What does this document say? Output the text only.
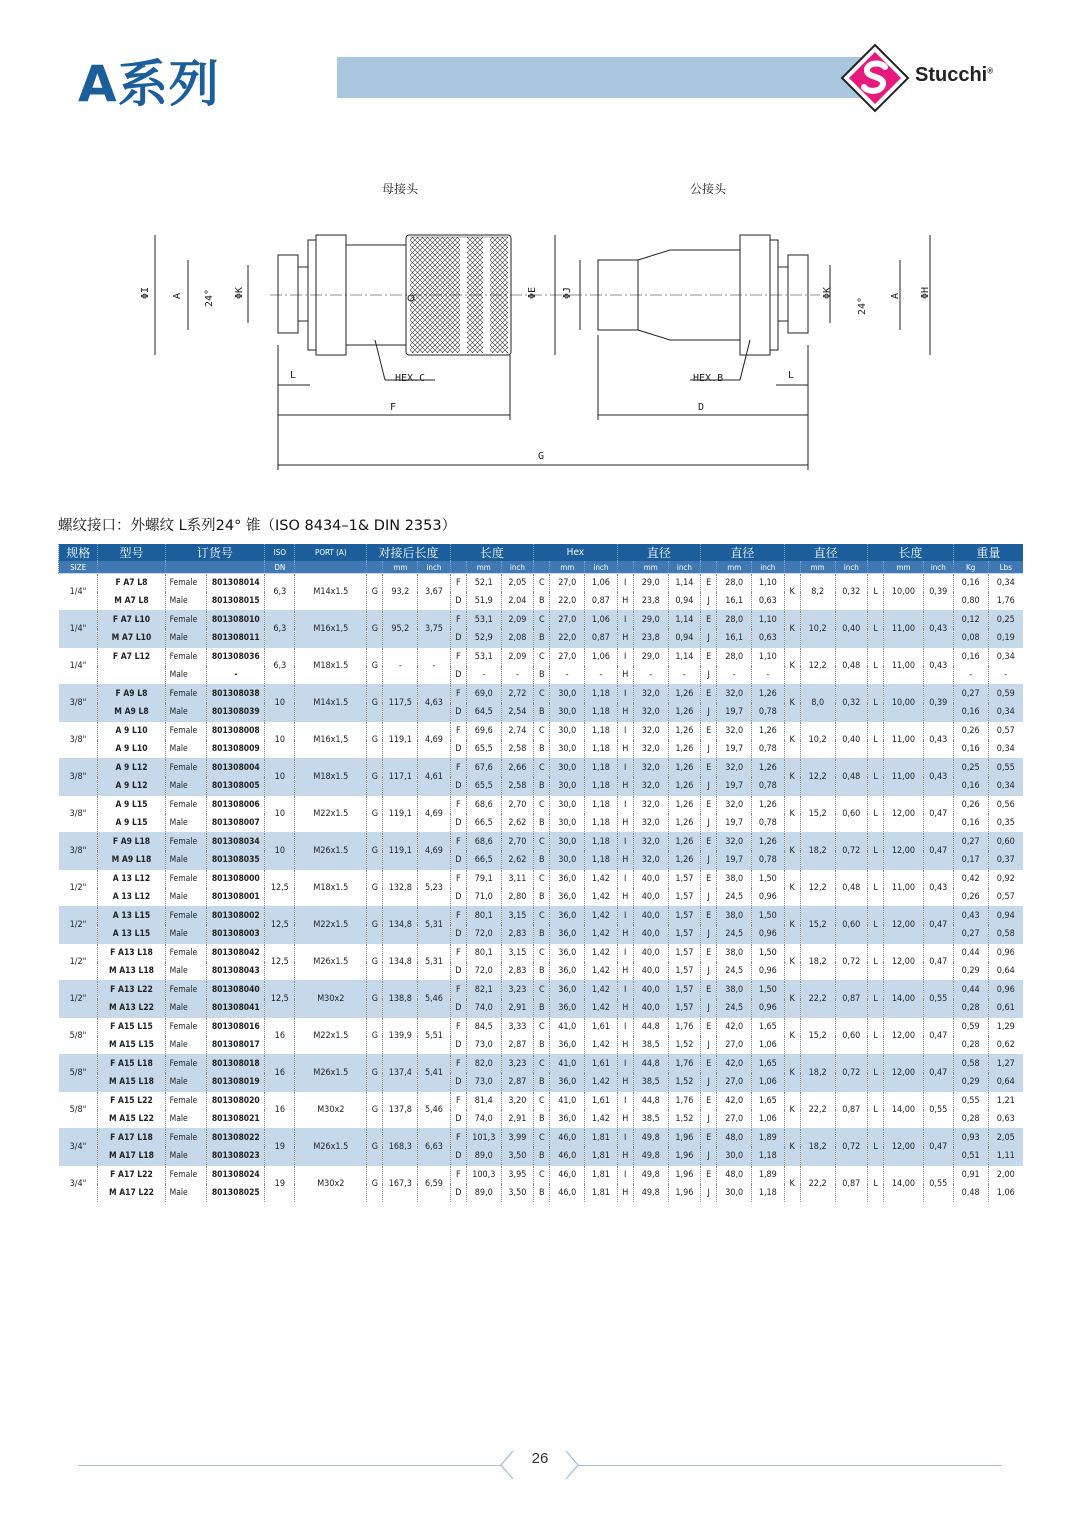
A系列	Stucchi®
母接头	公接头
ΦI A 24° ΦK	ΦE ΦJ	ΦK
24°
A ΦH
L	HEX.C	HEX.B	L
F	D
G
螺纹接口：外螺纹 L系列24° 锥（ISO 8434–1& DIN 2353）
规格	型号	订货号		ISO	PORT (A)	对接后长度			长度			Hex			直径			直径			直径			长度			重量	
SIZE				DN			mm	inch		mm	inch		mm	inch		mm	inch		mm	inch		mm	inch		mm	inch	Kg	Lbs
1/4"	F A7 L8	Female	801308014	6,3	M14x1.5	G	93,2	3,67	F	52,1	2,05	C	27,0	1,06	I	29,0	1,14	E	28,0	1,10	K	8,2	0,32	L	10,00	0,39	0,16	0,34
	M A7 L8	Male	801308015						D	51,9	2,04	B	22,0	0,87	H	23,8	0,94	J	16,1	0,63							0,80	1,76
1/4"	F A7 L10	Female	801308010	6,3	M16x1,5	G	95,2	3,75	F	53,1	2,09	C	27,0	1,06	I	29,0	1,14	E	28,0	1,10	K	10,2	0,40	L	11,00	0,43	0,12	0,25
	M A7 L10	Male	801308011						D	52,9	2,08	B	22,0	0,87	H	23,8	0,94	J	16,1	0,63							0,08	0,19
1/4"	F A7 L12	Female	801308036	6,3	M18x1.5	G	-	-	F	53,1	2,09	C	27,0	1,06	I	29,0	1,14	E	28,0	1,10	K	12,2	0,48	L	11,00	0,43	0,16	0,34
		Male	-						D	-	-	B	-	-	H	-	-	J	-	-							-	-
3/8"	F A9 L8	Female	801308038	10	M14x1.5	G	117,5	4,63	F	69,0	2,72	C	30,0	1,18	I	32,0	1,26	E	32,0	1,26	K	8,0	0,32	L	10,00	0,39	0,27	0,59
	M A9 L8	Male	801308039						D	64,5	2,54	B	30,0	1,18	H	32,0	1,26	J	19,7	0,78							0,16	0,34
3/8"	A 9 L10	Female	801308008	10	M16x1,5	G	119,1	4,69	F	69,6	2,74	C	30,0	1,18	I	32,0	1,26	E	32,0	1,26	K	10,2	0,40	L	11,00	0,43	0,26	0,57
	A 9 L10	Male	801308009						D	65,5	2,58	B	30,0	1,18	H	32,0	1,26	J	19,7	0,78							0,16	0,34
3/8"	A 9 L12	Female	801308004	10	M18x1.5	G	117,1	4,61	F	67,6	2,66	C	30,0	1,18	I	32,0	1,26	E	32,0	1,26	K	12,2	0,48	L	11,00	0,43	0,25	0,55
	A 9 L12	Male	801308005						D	65,5	2,58	B	30,0	1,18	H	32,0	1,26	J	19,7	0,78							0,16	0,34
3/8"	A 9 L15	Female	801308006	10	M22x1.5	G	119,1	4,69	F	68,6	2,70	C	30,0	1,18	I	32,0	1,26	E	32,0	1,26	K	15,2	0,60	L	12,00	0,47	0,26	0,56
	A 9 L15	Male	801308007						D	66,5	2,62	B	30,0	1,18	H	32,0	1,26	J	19,7	0,78							0,16	0,35
3/8"	F A9 L18	Female	801308034	10	M26x1.5	G	119,1	4,69	F	68,6	2,70	C	30,0	1,18	I	32,0	1,26	E	32,0	1,26	K	18,2	0,72	L	12,00	0,47	0,27	0,60
	M A9 L18	Male	801308035						D	66,5	2,62	B	30,0	1,18	H	32,0	1,26	J	19,7	0,78							0,17	0,37
1/2"	A 13 L12	Female	801308000	12,5	M18x1.5	G	132,8	5,23	F	79,1	3,11	C	36,0	1,42	I	40,0	1,57	E	38,0	1,50	K	12,2	0,48	L	11,00	0,43	0,42	0,92
	A 13 L12	Male	801308001						D	71,0	2,80	B	36,0	1,42	H	40,0	1,57	J	24,5	0,96							0,26	0,57
1/2"	A 13 L15	Female	801308002	12,5	M22x1.5	G	134,8	5,31	F	80,1	3,15	C	36,0	1,42	I	40,0	1,57	E	38,0	1,50	K	15,2	0,60	L	12,00	0,47	0,43	0,94
	A 13 L15	Male	801308003						D	72,0	2,83	B	36,0	1,42	H	40,0	1,57	J	24,5	0,96							0,27	0,58
1/2"	F A13 L18	Female	801308042	12,5	M26x1.5	G	134,8	5,31	F	80,1	3,15	C	36,0	1,42	I	40,0	1,57	E	38,0	1,50	K	18,2	0,72	L	12,00	0,47	0,44	0,96
	M A13 L18	Male	801308043						D	72,0	2,83	B	36,0	1,42	H	40,0	1,57	J	24,5	0,96							0,29	0,64
1/2"	F A13 L22	Female	801308040	12,5	M30x2	G	138,8	5,46	F	82,1	3,23	C	36,0	1,42	I	40,0	1,57	E	38,0	1,50	K	22,2	0,87	L	14,00	0,55	0,44	0,96
	M A13 L22	Male	801308041						D	74,0	2,91	B	36,0	1,42	H	40,0	1,57	J	24,5	0,96							0,28	0,61
5/8"	F A15 L15	Female	801308016	16	M22x1.5	G	139,9	5,51	F	84,5	3,33	C	41,0	1,61	I	44,8	1,76	E	42,0	1,65	K	15,2	0,60	L	12,00	0,47	0,59	1,29
	M A15 L15	Male	801308017						D	73,0	2,87	B	36,0	1,42	H	38,5	1,52	J	27,0	1,06							0,28	0,62
5/8"	F A15 L18	Female	801308018	16	M26x1.5	G	137,4	5,41	F	82,0	3,23	C	41,0	1,61	I	44,8	1,76	E	42,0	1,65	K	18,2	0,72	L	12,00	0,47	0,58	1,27
	M A15 L18	Male	801308019						D	73,0	2,87	B	36,0	1,42	H	38,5	1,52	J	27,0	1,06							0,29	0,64
5/8"	F A15 L22	Female	801308020	16	M30x2	G	137,8	5,46	F	81,4	3,20	C	41,0	1,61	I	44,8	1,76	E	42,0	1,65	K	22,2	0,87	L	14,00	0,55	0,55	1,21
	M A15 L22	Male	801308021						D	74,0	2,91	B	36,0	1,42	H	38,5	1,52	J	27,0	1,06							0,28	0,63
3/4"	F A17 L18	Female	801308022	19	M26x1.5	G	168,3	6,63	F	101,3	3,99	C	46,0	1,81	I	49,8	1,96	E	48,0	1,89	K	18,2	0,72	L	12,00	0,47	0,93	2,05
	M A17 L18	Male	801308023						D	89,0	3,50	B	46,0	1,81	H	49,8	1,96	J	30,0	1,18							0,51	1,11
3/4"	F A17 L22	Female	801308024	19	M30x2	G	167,3	6,59	F	100,3	3,95	C	46,0	1,81	I	49,8	1,96	E	48,0	1,89	K	22,2	0,87	L	14,00	0,55	0,91	2,00
	M A17 L22	Male	801308025						D	89,0	3,50	B	46,0	1,81	H	49,8	1,96	J	30,0	1,18							0,48	1,06
26
